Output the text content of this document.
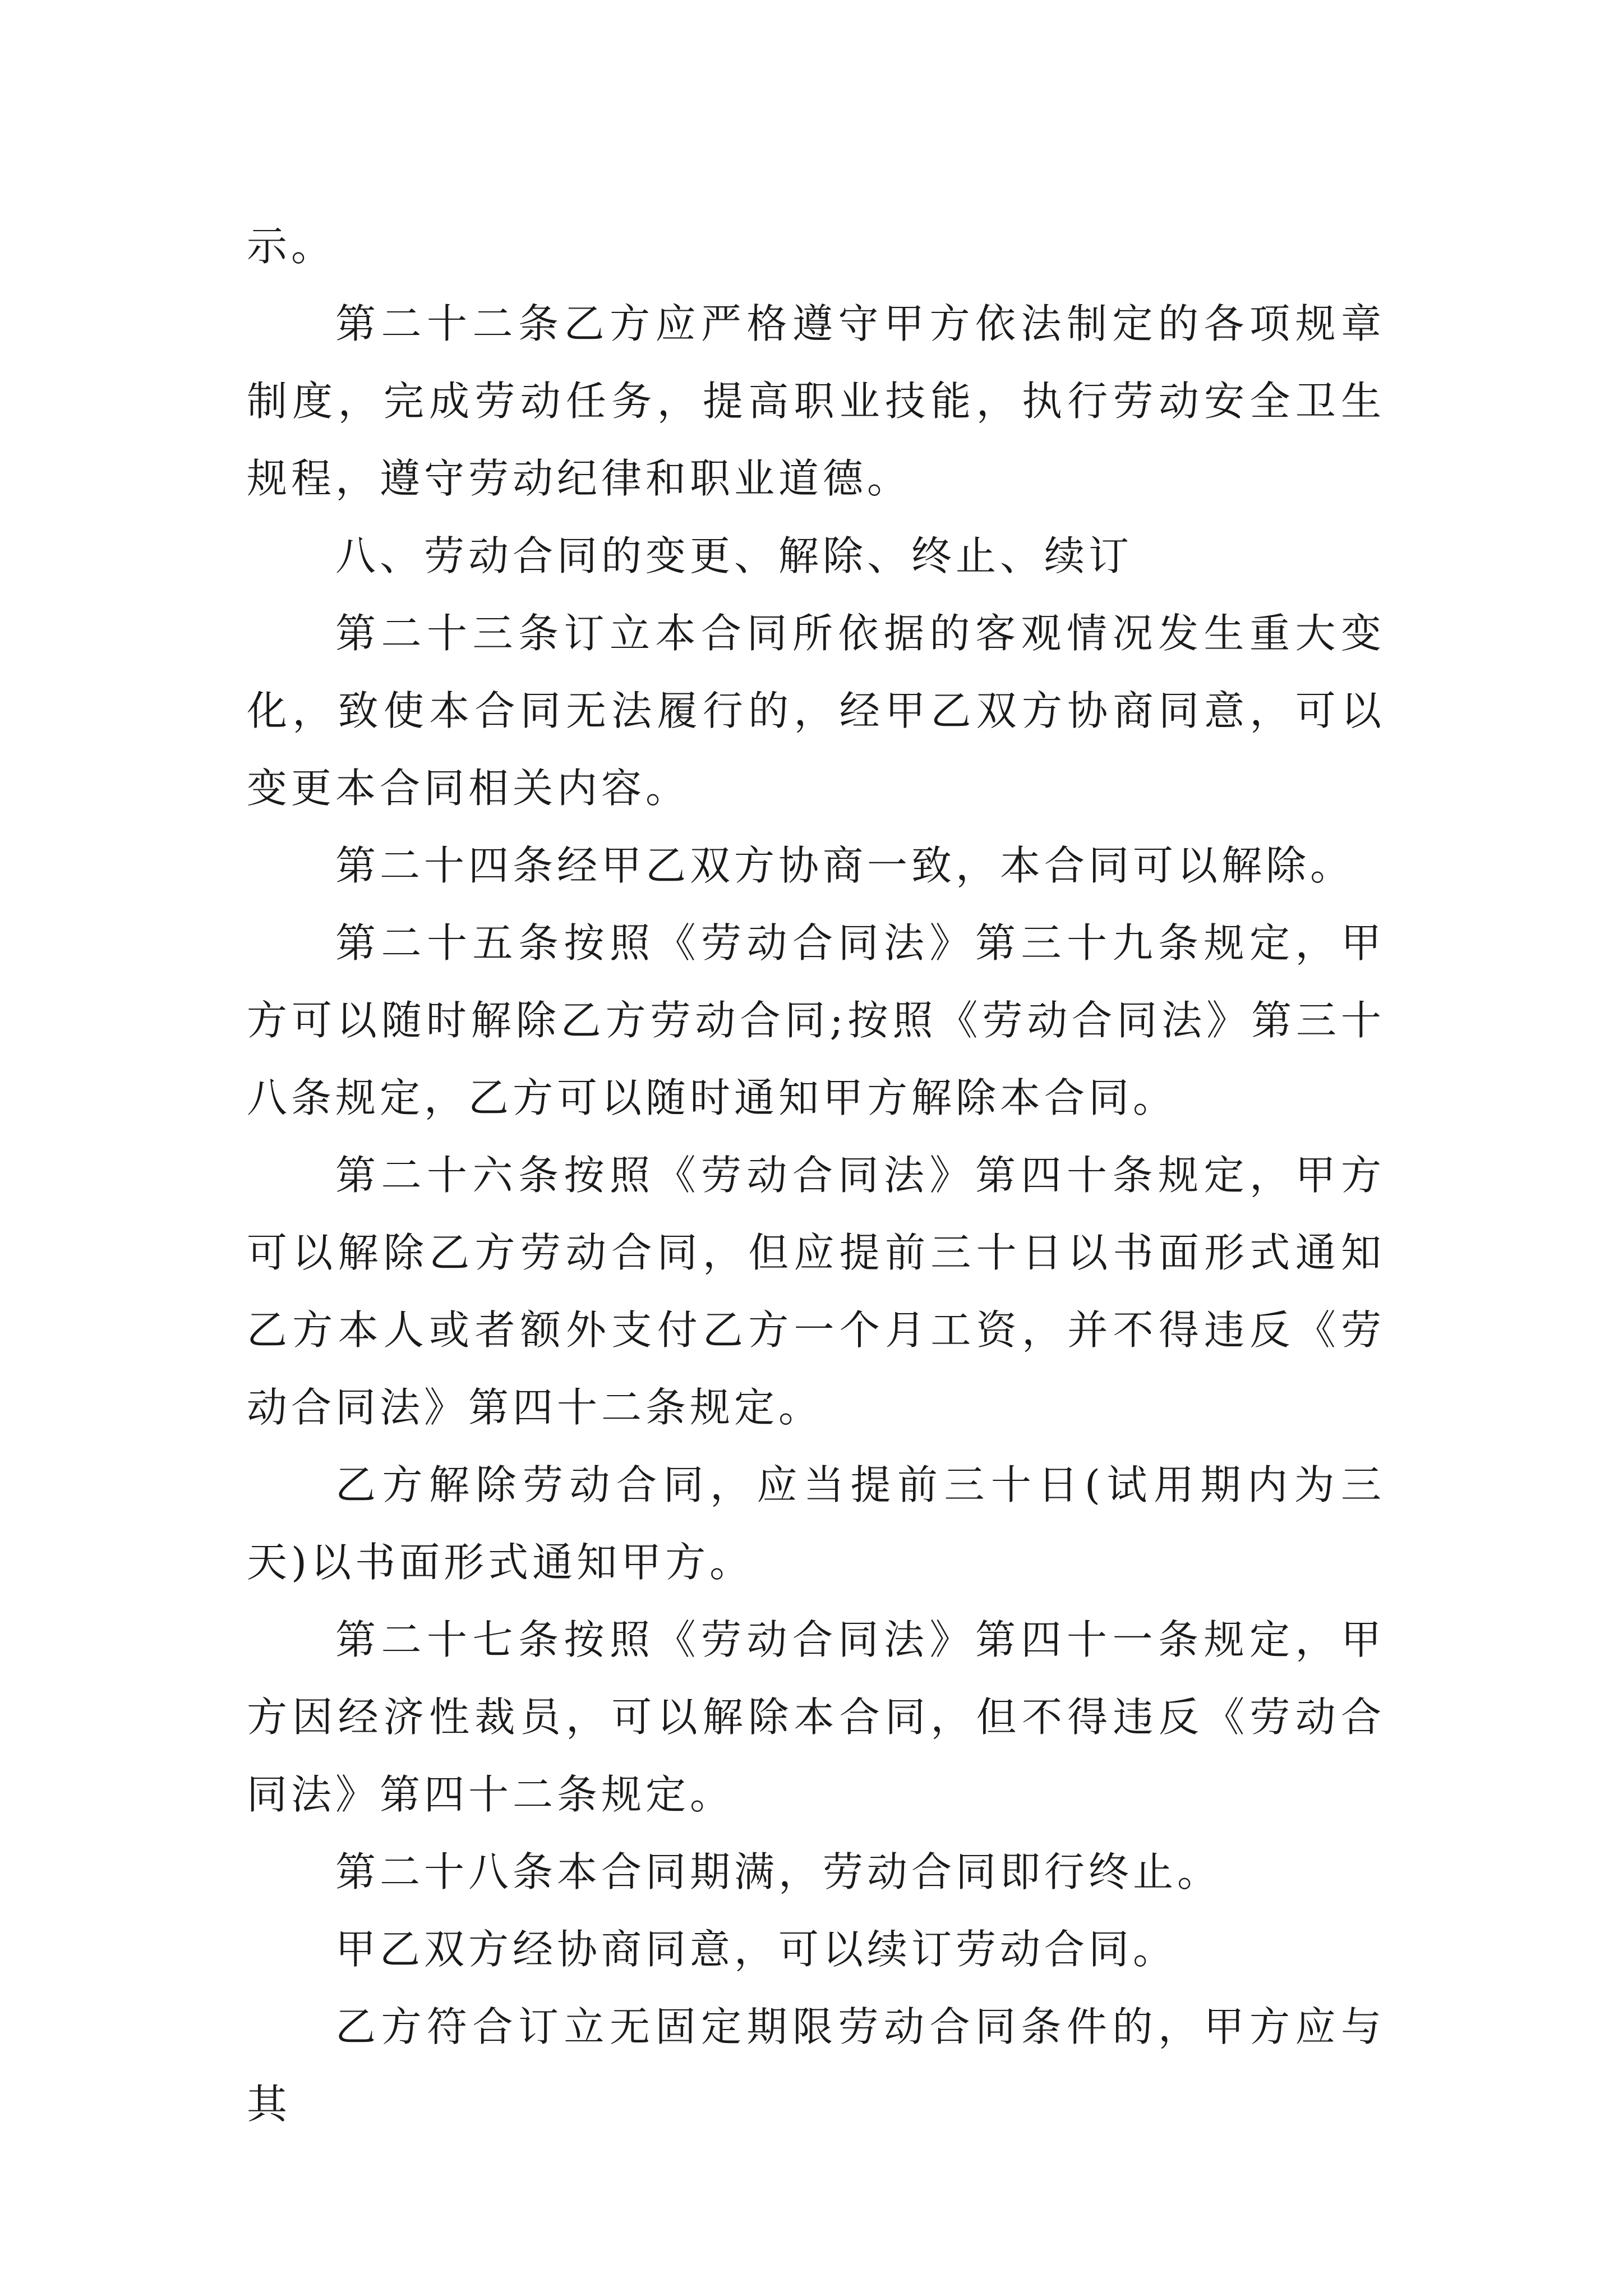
示。

第二十二条乙方应严格遵守甲方依法制定的各项规章制度，完成劳动任务，提高职业技能，执行劳动安全卫生规程，遵守劳动纪律和职业道德。

八、劳动合同的变更、解除、终止、续订

第二十三条订立本合同所依据的客观情况发生重大变化，致使本合同无法履行的，经甲乙双方协商同意，可以变更本合同相关内容。

第二十四条经甲乙双方协商一致，本合同可以解除。

第二十五条按照《劳动合同法》第三十九条规定，甲方可以随时解除乙方劳动合同;按照《劳动合同法》第三十八条规定，乙方可以随时通知甲方解除本合同。

第二十六条按照《劳动合同法》第四十条规定，甲方可以解除乙方劳动合同，但应提前三十日以书面形式通知乙方本人或者额外支付乙方一个月工资，并不得违反《劳动合同法》第四十二条规定。

乙方解除劳动合同，应当提前三十日(试用期内为三天)以书面形式通知甲方。

第二十七条按照《劳动合同法》第四十一条规定，甲方因经济性裁员，可以解除本合同，但不得违反《劳动合同法》第四十二条规定。

第二十八条本合同期满，劳动合同即行终止。

甲乙双方经协商同意，可以续订劳动合同。

乙方符合订立无固定期限劳动合同条件的，甲方应与其
